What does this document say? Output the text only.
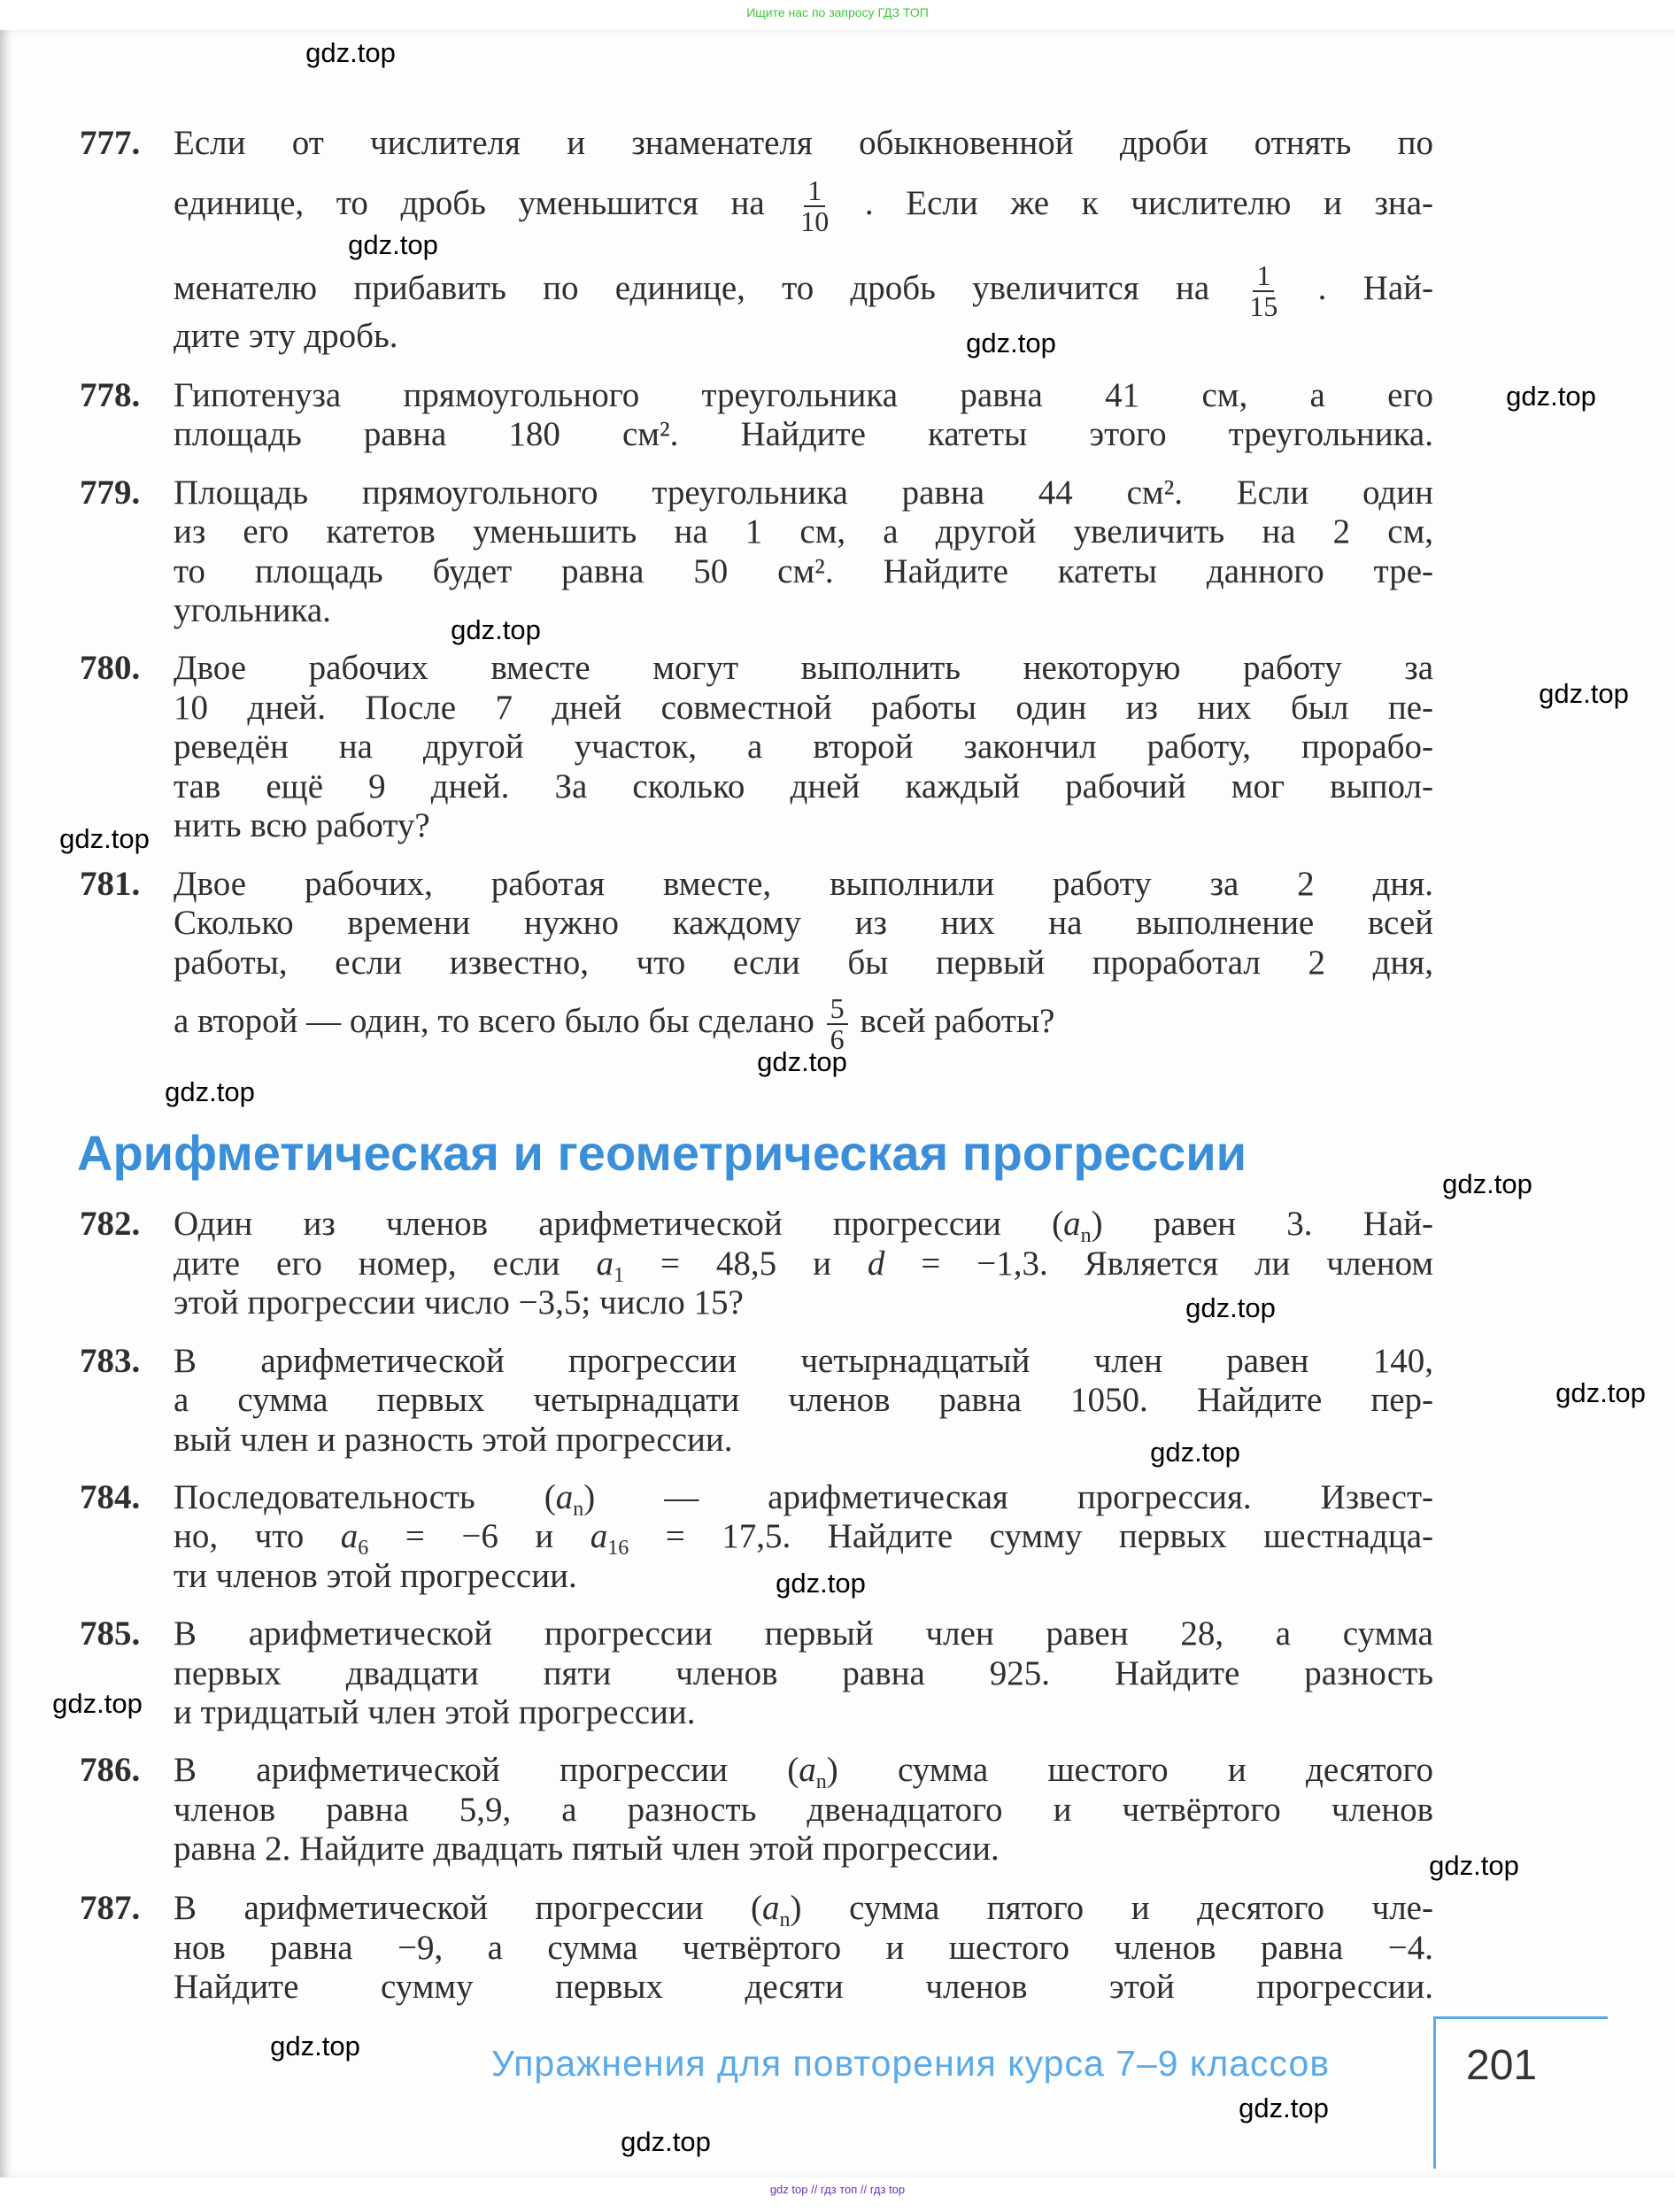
Ищите нас по запросу ГДЗ ТОП
777. Если от числителя и знаменателя обыкновенной дроби отнять по
единице, то дробь уменьшится на $\frac{1}{10}$ . Если же к числителю и зна-
менателю прибавить по единице, то дробь увеличится на $\frac{1}{15}$ . Най-
дите эту дробь.
778. Гипотенуза прямоугольного треугольника равна 41 см, а его
площадь равна 180 см². Найдите катеты этого треугольника.
779. Площадь прямоугольного треугольника равна 44 см². Если один
из его катетов уменьшить на 1 см, а другой увеличить на 2 см,
то площадь будет равна 50 см². Найдите катеты данного тре-
угольника.
780. Двое рабочих вместе могут выполнить некоторую работу за
10 дней. После 7 дней совместной работы один из них был пе-
реведён на другой участок, а второй закончил работу, прорабо-
тав ещё 9 дней. За сколько дней каждый рабочий мог выпол-
нить всю работу?
781. Двое рабочих, работая вместе, выполнили работу за 2 дня.
Сколько времени нужно каждому из них на выполнение всей
работы, если известно, что если бы первый проработал 2 дня,
а второй — один, то всего было бы сделано $\frac{5}{6}$ всей работы?
782. Один из членов арифметической прогрессии $(a_n)$ равен 3. Най-
дите его номер, если $a_1 = 48,5$ и d = −1,3. Является ли членом
этой прогрессии число −3,5; число 15?
783. В арифметической прогрессии четырнадцатый член равен 140,
а сумма первых четырнадцати членов равна 1050. Найдите пер-
вый член и разность этой прогрессии.
784. Последовательность $(a_n)$ — арифметическая прогрессия. Извест-
но, что $a_6 = -6$ и $a_{16} = 17,5$. Найдите сумму первых шестнадца-
ти членов этой прогрессии.
785. В арифметической прогрессии первый член равен 28, а сумма
первых двадцати пяти членов равна 925. Найдите разность
и тридцатый член этой прогрессии.
786. В арифметической прогрессии $(a_n)$ сумма шестого и десятого
членов равна 5,9, а разность двенадцатого и четвёртого членов
равна 2. Найдите двадцать пятый член этой прогрессии.
787. В арифметической прогрессии $(a_n)$ сумма пятого и десятого чле-
нов равна −9, а сумма четвёртого и шестого членов равна −4.
Найдите сумму первых десяти членов этой прогрессии.
Арифметическая и геометрическая прогрессии
Упражнения для повторения курса 7–9 классов	201
gdz.top
gdz.top
gdz.top
gdz.top
gdz.top
gdz.top
gdz.top
gdz.top
gdz.top
gdz.top
gdz.top
gdz.top
gdz.top
gdz.top
gdz.top
gdz.top
gdz.top
gdz.top
gdz.top
gdz top // гдз топ // гдз top
